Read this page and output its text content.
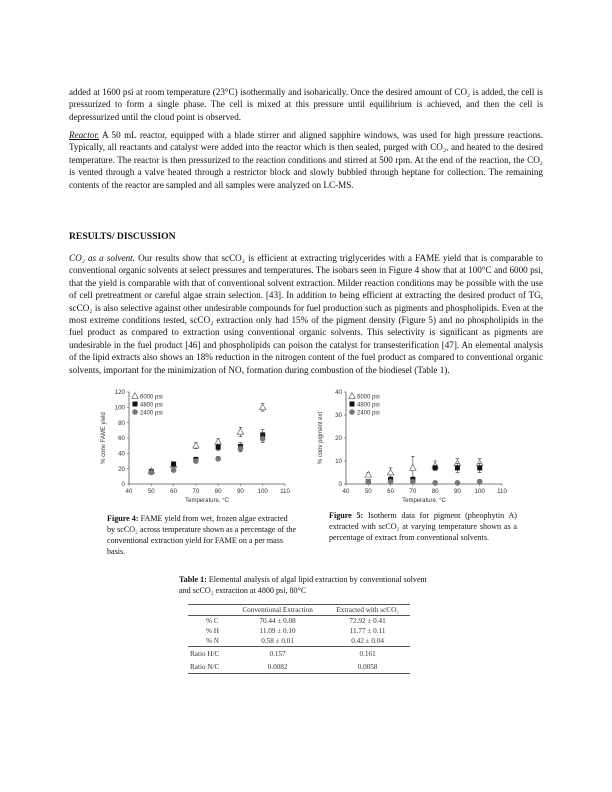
added at 1600 psi at room temperature (23°C) isothermally and isobarically. Once the desired amount of CO₂ is added, the cell is pressurized to form a single phase. The cell is mixed at this pressure until equilibrium is achieved, and then the cell is depressurized until the cloud point is observed.

Reactor. A 50 mL reactor, equipped with a blade stirrer and aligned sapphire windows, was used for high pressure reactions. Typically, all reactants and catalyst were added into the reactor which is then sealed, purged with CO₂, and heated to the desired temperature. The reactor is then pressurized to the reaction conditions and stirred at 500 rpm. At the end of the reaction, the CO₂ is vented through a valve heated through a restrictor block and slowly bubbled through heptane for collection. The remaining contents of the reactor are sampled and all samples were analyzed on LC-MS.

RESULTS/ DISCUSSION

CO₂ as a solvent. Our results show that scCO₂ is efficient at extracting triglycerides with a FAME yield that is comparable to conventional organic solvents at select pressures and temperatures. The isobars seen in Figure 4 show that at 100°C and 6000 psi, that the yield is comparable with that of conventional solvent extraction. Milder reaction conditions may be possible with the use of cell pretreatment or careful algae strain selection. [43]. In addition to being efficient at extracting the desired product of TG, scCO₂ is also selective against other undesirable compounds for fuel production such as pigments and phospholipids. Even at the most extreme conditions tested, scCO₂ extraction only had 15% of the pigment density (Figure 5) and no phospholipids in the fuel product as compared to extraction using conventional organic solvents. This selectivity is significant as pigments are undesirable in the fuel product [46] and phospholipids can poison the catalyst for transesterification [47]. An elemental analysis of the lipid extracts also shows an 18% reduction in the nitrogen content of the fuel product as compared to conventional organic solvents, important for the minimization of NOₓ formation during combustion of the biodiesel (Table 1).

0
20
40
60
80
100
120
40 50 60 70 80 90 100 110
Temperature, °C
% conv FAME yield
6000 psi
4800 psi
2400 psi
0
10
20
30
40
40 50 60 70 80 90 100 110
Temperature, °C
% conv pigment ext
6000 psi
4800 psi
2400 psi

Figure 4: FAME yield from wet, frozen algae extracted by scCO₂ across temperature shown as a percentage of the conventional extraction yield for FAME on a per mass basis.

Figure 5: Isotherm data for pigment (pheophytin A) extracted with scCO₂ at varying temperature shown as a percentage of extract from conventional solvents.

Table 1: Elemental analysis of algal lipid extraction by conventional solvent and scCO₂ extraction at 4800 psi, 80°C

	Conventional Extraction	Extracted with scCO₂
% C	70.44 ± 0.08	72.92 ± 0.41
% H	11.09 ± 0.10	11.77 ± 0.11
% N	0.58 ± 0.01	0.42 ± 0.04
Ratio H/C	0.157	0.161
Ratio N/C	0.0082	0.0058
